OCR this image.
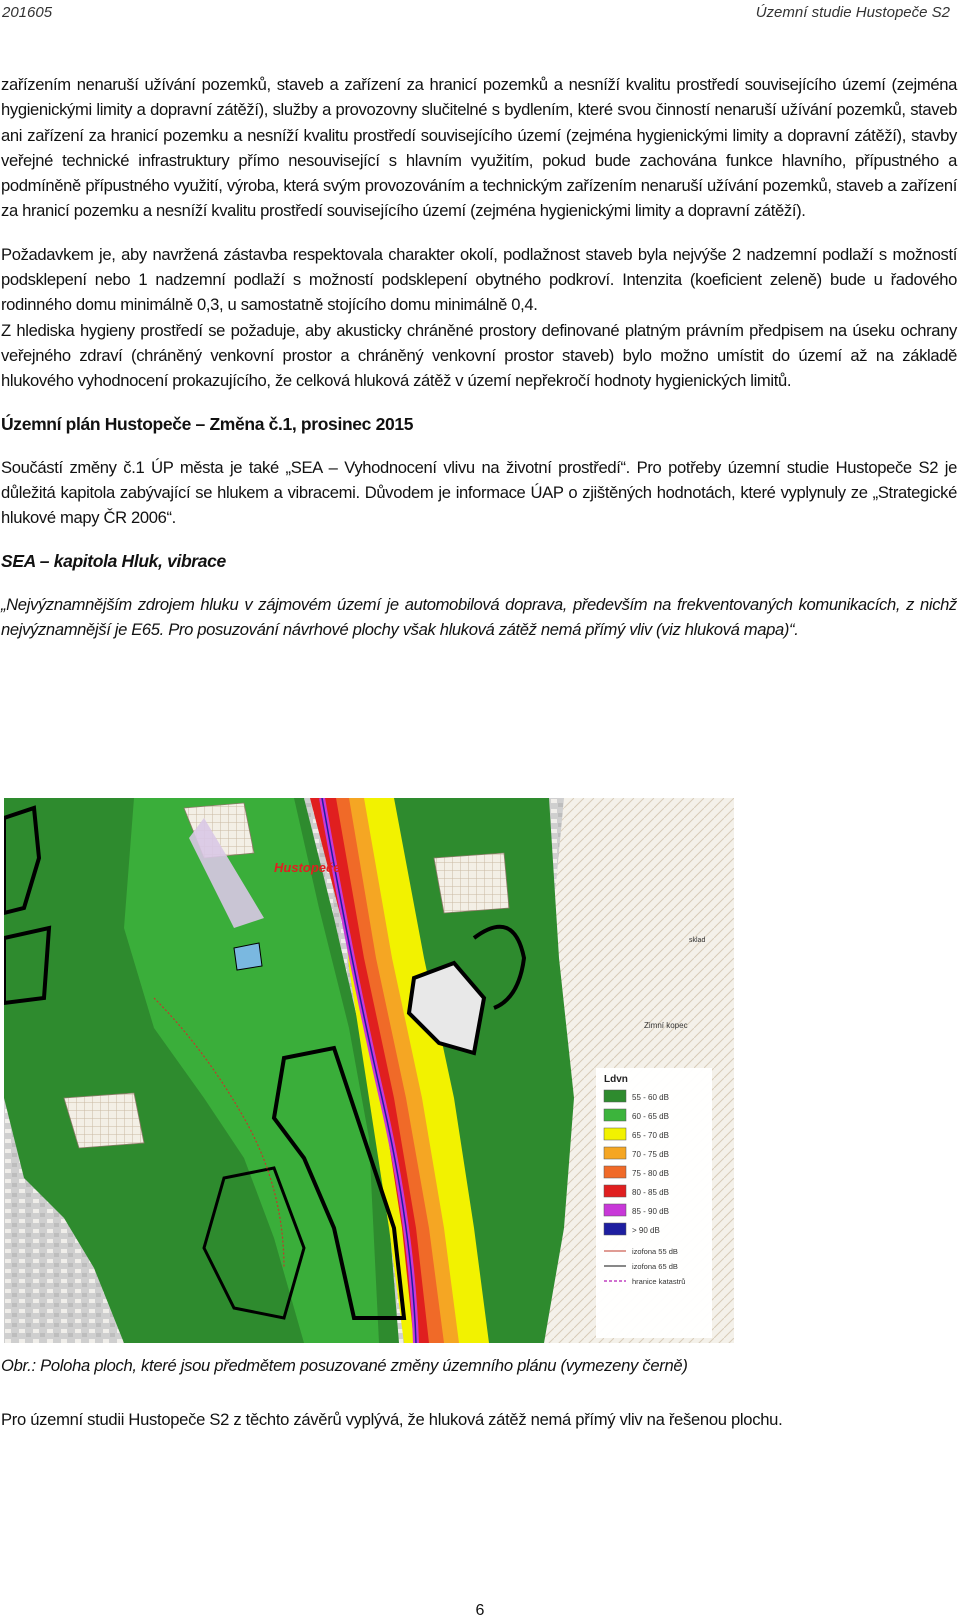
201605	Územní studie Hustopeče S2

zařízením nenaruší užívání pozemků, staveb a zařízení za hranicí pozemků a nesníží kvalitu prostředí souvisejícího území (zejména hygienickými limity a dopravní zátěží), služby a provozovny slučitelné s bydlením, které svou činností nenaruší užívání pozemků, staveb ani zařízení za hranicí pozemku a nesníží kvalitu prostředí souvisejícího území (zejména hygienickými limity a dopravní zátěží), stavby veřejné technické infrastruktury přímo nesouvisející s hlavním využitím, pokud bude zachována funkce hlavního, přípustného a podmíněně přípustného využití, výroba, která svým provozováním a technickým zařízením nenaruší užívání pozemků, staveb a zařízení za hranicí pozemku a nesníží kvalitu prostředí souvisejícího území (zejména hygienickými limity a dopravní zátěží).

Požadavkem je, aby navržená zástavba respektovala charakter okolí, podlažnost staveb byla nejvýše 2 nadzemní podlaží s možností podsklepení nebo 1 nadzemní podlaží s možností podsklepení obytného podkroví. Intenzita (koeficient zeleně) bude u řadového rodinného domu minimálně 0,3, u samostatně stojícího domu minimálně 0,4.

Z hlediska hygieny prostředí se požaduje, aby akusticky chráněné prostory definované platným právním předpisem na úseku ochrany veřejného zdraví (chráněný venkovní prostor a chráněný venkovní prostor staveb) bylo možno umístit do území až na základě hlukového vyhodnocení prokazujícího, že celková hluková zátěž v území nepřekročí hodnoty hygienických limitů.

Územní plán Hustopeče – Změna č.1, prosinec 2015

Součástí změny č.1 ÚP města je také „SEA – Vyhodnocení vlivu na životní prostředí“. Pro potřeby územní studie Hustopeče S2 je důležitá kapitola zabývající se hlukem a vibracemi. Důvodem je informace ÚAP o zjištěných hodnotách, které vyplynuly ze „Strategické hlukové mapy ČR 2006“.

SEA – kapitola Hluk, vibrace

„Nejvýznamnějším zdrojem hluku v zájmovém území je automobilová doprava, především na frekventovaných komunikacích, z nichž nejvýznamnější je E65. Pro posuzování návrhové plochy však hluková zátěž nemá přímý vliv (viz hluková mapa)“.

Hustopeče
Zimní kopec
sklad
Ldvn
55 - 60 dB
60 - 65 dB
65 - 70 dB
70 - 75 dB
75 - 80 dB
80 - 85 dB
85 - 90 dB
> 90 dB
izofona 55 dB
izofona 65 dB
hranice katastrů
Obr.: Poloha ploch, které jsou předmětem posuzované změny územního plánu (vymezeny černě)
Pro územní studii Hustopeče S2 z těchto závěrů vyplývá, že hluková zátěž nemá přímý vliv na řešenou plochu.
6
